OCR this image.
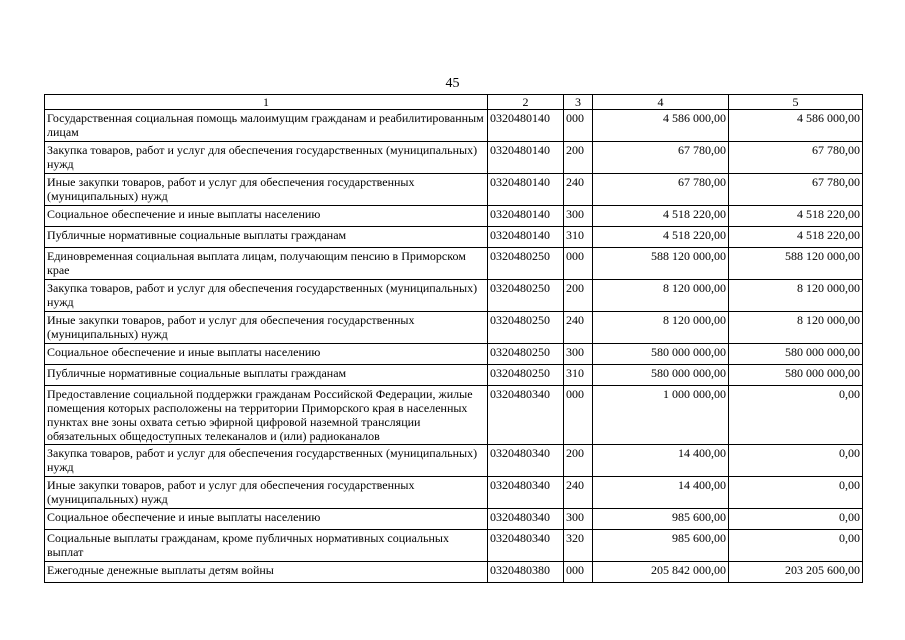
45
1	2	3	4	5
Государственная социальная помощь малоимущим гражданам и реабилитированным лицам	0320480140	000	4 586 000,00	4 586 000,00
Закупка товаров, работ и услуг для обеспечения государственных (муниципальных) нужд	0320480140	200	67 780,00	67 780,00
Иные закупки товаров, работ и услуг для обеспечения государственных (муниципальных) нужд	0320480140	240	67 780,00	67 780,00
Социальное обеспечение и иные выплаты населению	0320480140	300	4 518 220,00	4 518 220,00
Публичные нормативные социальные выплаты гражданам	0320480140	310	4 518 220,00	4 518 220,00
Единовременная социальная выплата лицам, получающим пенсию в Приморском крае	0320480250	000	588 120 000,00	588 120 000,00
Закупка товаров, работ и услуг для обеспечения государственных (муниципальных) нужд	0320480250	200	8 120 000,00	8 120 000,00
Иные закупки товаров, работ и услуг для обеспечения государственных (муниципальных) нужд	0320480250	240	8 120 000,00	8 120 000,00
Социальное обеспечение и иные выплаты населению	0320480250	300	580 000 000,00	580 000 000,00
Публичные нормативные социальные выплаты гражданам	0320480250	310	580 000 000,00	580 000 000,00
Предоставление социальной поддержки гражданам Российской Федерации, жилые помещения которых расположены на территории Приморского края в населенных пунктах вне зоны охвата сетью эфирной цифровой наземной трансляции обязательных общедоступных телеканалов и (или) радиоканалов	0320480340	000	1 000 000,00	0,00
Закупка товаров, работ и услуг для обеспечения государственных (муниципальных) нужд	0320480340	200	14 400,00	0,00
Иные закупки товаров, работ и услуг для обеспечения государственных (муниципальных) нужд	0320480340	240	14 400,00	0,00
Социальное обеспечение и иные выплаты населению	0320480340	300	985 600,00	0,00
Социальные выплаты гражданам, кроме публичных нормативных социальных выплат	0320480340	320	985 600,00	0,00
Ежегодные денежные выплаты детям войны	0320480380	000	205 842 000,00	203 205 600,00
